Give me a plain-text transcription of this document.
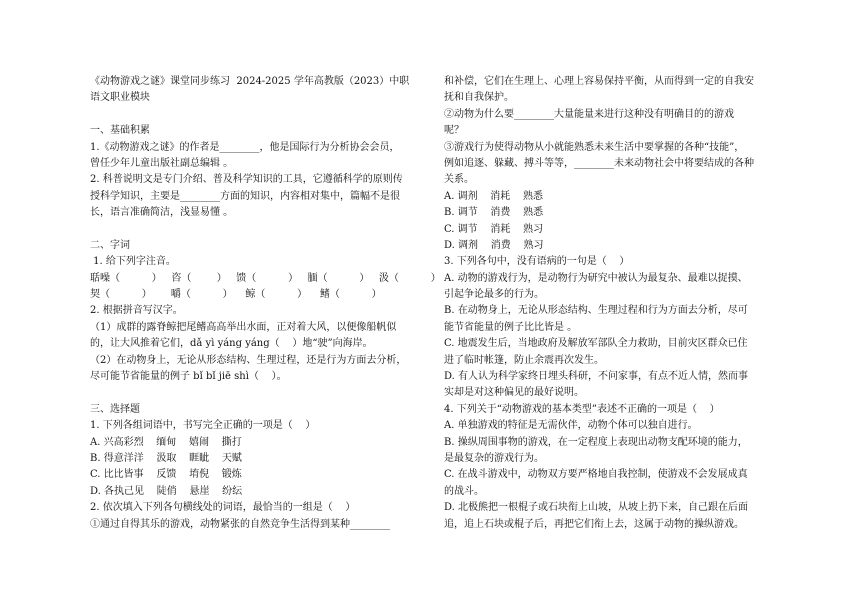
《动物游戏之谜》课堂同步练习  2024-2025 学年高教版（2023）中职
语文职业模块
一、基础积累
1.《动物游戏之谜》的作者是________，他是国际行为分析协会会员，
曾任少年儿童出版社副总编辑 。
2. 科普说明文是专门介绍、普及科学知识的工具，它遵循科学的原则传
授科学知识，主要是________方面的知识，内容相对集中，篇幅不是很
长，语言准确简洁，浅显易懂 。
二、字词
1. 给下列字注音。
聒噪（          ）   咨（        ）   馈（          ）   腼（          ）   汲（          ）
契（          ）      嚼（          ）    鲸（          ）    鳍（          ）
2. 根据拼音写汉字。
（1）成群的露脊鲸把尾鳍高高举出水面，正对着大风，以便像船帆似
的，让大风推着它们，dǎ yì yáng yáng（    ）地“驶”向海岸。
（2）在动物身上，无论从形态结构、生理过程，还是行为方面去分析，
尽可能节省能量的例子 bǐ bǐ jiē shì（    ）。
三、选择题
1. 下列各组词语中，书写完全正确的一项是（    ）
A. 兴高彩烈    缅甸    嬉闹    撕打
B. 得意洋洋    汲取    睚眦    天赋
C. 比比皆事    反馈    堉倪    锻炼
D. 各执己见    陡俏    悬崖    纷纭
2. 依次填入下列各句横线处的词语，最恰当的一组是（    ）
①通过自得其乐的游戏，动物紧张的自然竞争生活得到某种________
和补偿，它们在生理上、心理上容易保持平衡，从而得到一定的自我安
抚和自我保护。
②动物为什么要________大量能量来进行这种没有明确目的的游戏
呢？
③游戏行为使得动物从小就能熟悉未来生活中要掌握的各种“技能”，
例如追逐、躲藏、搏斗等等，________未来动物社会中将要结成的各种
关系。
A. 调剂    消耗    熟悉
B. 调节    消费    熟悉
C. 调节    消耗    熟习
D. 调剂    消费    熟习
3. 下列各句中，没有语病的一句是（    ）
A. 动物的游戏行为，是动物行为研究中被认为最复杂、最难以捉摸、
引起争论最多的行为。
B. 在动物身上，无论从形态结构、生理过程和行为方面去分析，尽可
能节省能量的例子比比皆是 。
C. 地震发生后，当地政府及解放军部队全力救助，目前灾区群众已住
进了临时帐篷，防止余震再次发生。
D. 有人认为科学家终日埋头科研，不问家事，有点不近人情，然而事
实却是对这种偏见的最好说明。
4. 下列关于“动物游戏的基本类型”表述不正确的一项是（    ）
A. 单独游戏的特征是无需伙伴，动物个体可以独自进行。
B. 操纵周围事物的游戏，在一定程度上表现出动物支配环境的能力，
是最复杂的游戏行为。
C. 在战斗游戏中，动物双方要严格地自我控制，使游戏不会发展成真
的战斗。
D. 北极熊把一根棍子或石块衔上山坡，从坡上扔下来，自己跟在后面
追，追上石块或棍子后，再把它们衔上去，这属于动物的操纵游戏。
